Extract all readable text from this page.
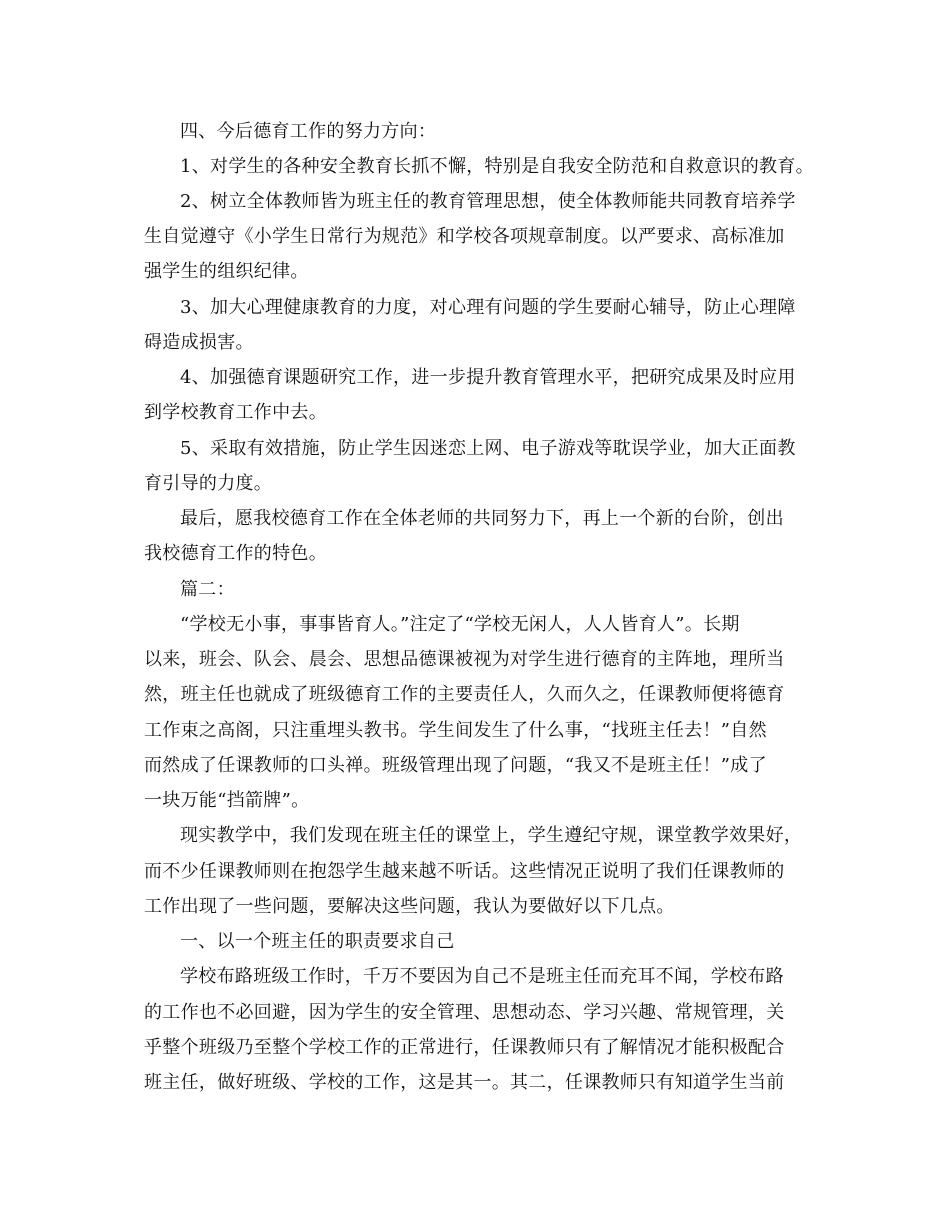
四、今后德育工作的努力方向：
1、对学生的各种安全教育长抓不懈，特别是自我安全防范和自救意识的教育。
2、树立全体教师皆为班主任的教育管理思想，使全体教师能共同教育培养学
生自觉遵守《小学生日常行为规范》和学校各项规章制度。以严要求、高标准加
强学生的组织纪律。
3、加大心理健康教育的力度，对心理有问题的学生要耐心辅导，防止心理障
碍造成损害。
4、加强德育课题研究工作，进一步提升教育管理水平，把研究成果及时应用
到学校教育工作中去。
5、采取有效措施，防止学生因迷恋上网、电子游戏等耽误学业，加大正面教
育引导的力度。
最后，愿我校德育工作在全体老师的共同努力下，再上一个新的台阶，创出
我校德育工作的特色。
篇二：
“学校无小事，事事皆育人。”注定了“学校无闲人，人人皆育人”。长期
以来，班会、队会、晨会、思想品德课被视为对学生进行德育的主阵地，理所当
然，班主任也就成了班级德育工作的主要责任人，久而久之，任课教师便将德育
工作束之高阁，只注重埋头教书。学生间发生了什么事，“找班主任去！”自然
而然成了任课教师的口头禅。班级管理出现了问题，“我又不是班主任！”成了
一块万能“挡箭牌”。
现实教学中，我们发现在班主任的课堂上，学生遵纪守规，课堂教学效果好，
而不少任课教师则在抱怨学生越来越不听话。这些情况正说明了我们任课教师的
工作出现了一些问题，要解决这些问题，我认为要做好以下几点。
一、以一个班主任的职责要求自己
学校布路班级工作时，千万不要因为自己不是班主任而充耳不闻，学校布路
的工作也不必回避，因为学生的安全管理、思想动态、学习兴趣、常规管理，关
乎整个班级乃至整个学校工作的正常进行，任课教师只有了解情况才能积极配合
班主任，做好班级、学校的工作，这是其一。其二，任课教师只有知道学生当前
